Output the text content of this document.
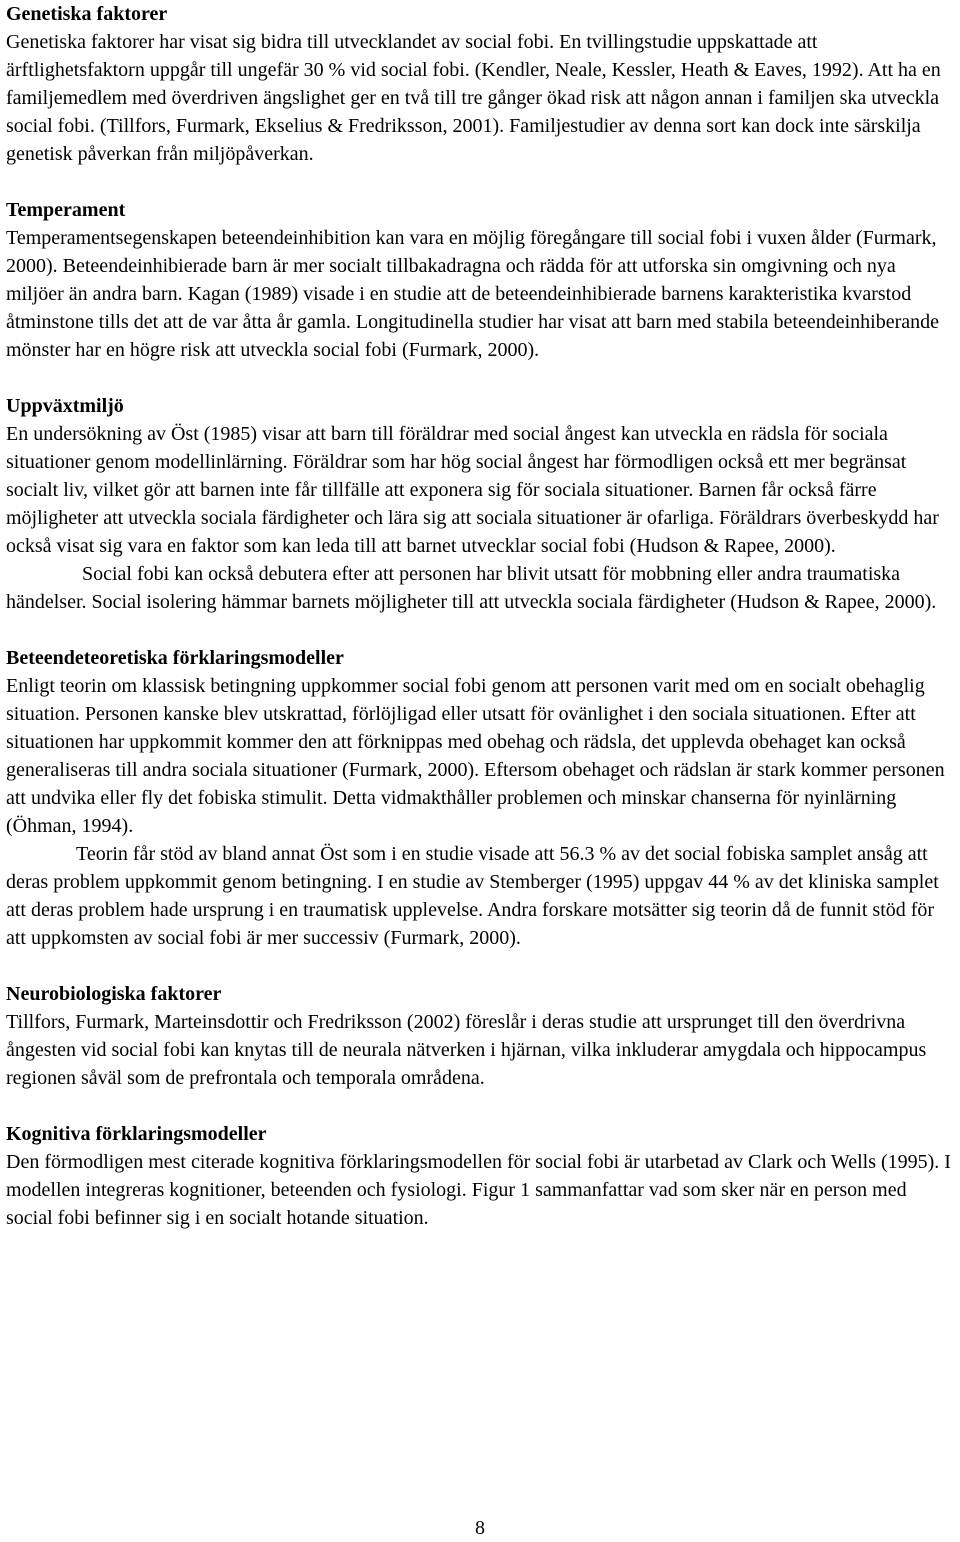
Genetiska faktorer

Genetiska faktorer har visat sig bidra till utvecklandet av social fobi. En tvillingstudie uppskattade att ärftlighetsfaktorn uppgår till ungefär 30 % vid social fobi. (Kendler, Neale, Kessler, Heath & Eaves, 1992). Att ha en familjemedlem med överdriven ängslighet ger en två till tre gånger ökad risk att någon annan i familjen ska utveckla social fobi. (Tillfors, Furmark, Ekselius & Fredriksson, 2001). Familjestudier av denna sort kan dock inte särskilja genetisk påverkan från miljöpåverkan.

Temperament

Temperamentsegenskapen beteendeinhibition kan vara en möjlig föregångare till social fobi i vuxen ålder (Furmark, 2000). Beteendeinhibierade barn är mer socialt tillbakadragna och rädda för att utforska sin omgivning och nya miljöer än andra barn. Kagan (1989) visade i en studie att de beteendeinhibierade barnens karakteristika kvarstod åtminstone tills det att de var åtta år gamla. Longitudinella studier har visat att barn med stabila beteendeinhiberande mönster har en högre risk att utveckla social fobi (Furmark, 2000).

Uppväxtmiljö

En undersökning av Öst (1985) visar att barn till föräldrar med social ångest kan utveckla en rädsla för sociala situationer genom modellinlärning. Föräldrar som har hög social ångest har förmodligen också ett mer begränsat socialt liv, vilket gör att barnen inte får tillfälle att exponera sig för sociala situationer. Barnen får också färre möjligheter att utveckla sociala färdigheter och lära sig att sociala situationer är ofarliga. Föräldrars överbeskydd har också visat sig vara en faktor som kan leda till att barnet utvecklar social fobi (Hudson & Rapee, 2000).

Social fobi kan också debutera efter att personen har blivit utsatt för mobbning eller andra traumatiska händelser. Social isolering hämmar barnets möjligheter till att utveckla sociala färdigheter (Hudson & Rapee, 2000).

Beteendeteoretiska förklaringsmodeller

Enligt teorin om klassisk betingning uppkommer social fobi genom att personen varit med om en socialt obehaglig situation. Personen kanske blev utskrattad, förlöjligad eller utsatt för ovänlighet i den sociala situationen. Efter att situationen har uppkommit kommer den att förknippas med obehag och rädsla, det upplevda obehaget kan också generaliseras till andra sociala situationer (Furmark, 2000). Eftersom obehaget och rädslan är stark kommer personen att undvika eller fly det fobiska stimulit. Detta vidmakthåller problemen och minskar chanserna för nyinlärning (Öhman, 1994).

Teorin får stöd av bland annat Öst som i en studie visade att 56.3 % av det social fobiska samplet ansåg att deras problem uppkommit genom betingning. I en studie av Stemberger (1995) uppgav 44 % av det kliniska samplet att deras problem hade ursprung i en traumatisk upplevelse. Andra forskare motsätter sig teorin då de funnit stöd för att uppkomsten av social fobi är mer successiv (Furmark, 2000).

Neurobiologiska faktorer

Tillfors, Furmark, Marteinsdottir och Fredriksson (2002) föreslår i deras studie att ursprunget till den överdrivna ångesten vid social fobi kan knytas till de neurala nätverken i hjärnan, vilka inkluderar amygdala och hippocampus regionen såväl som de prefrontala och temporala områdena.

Kognitiva förklaringsmodeller

Den förmodligen mest citerade kognitiva förklaringsmodellen för social fobi är utarbetad av Clark och Wells (1995). I modellen integreras kognitioner, beteenden och fysiologi. Figur 1 sammanfattar vad som sker när en person med social fobi befinner sig i en socialt hotande situation.

8
